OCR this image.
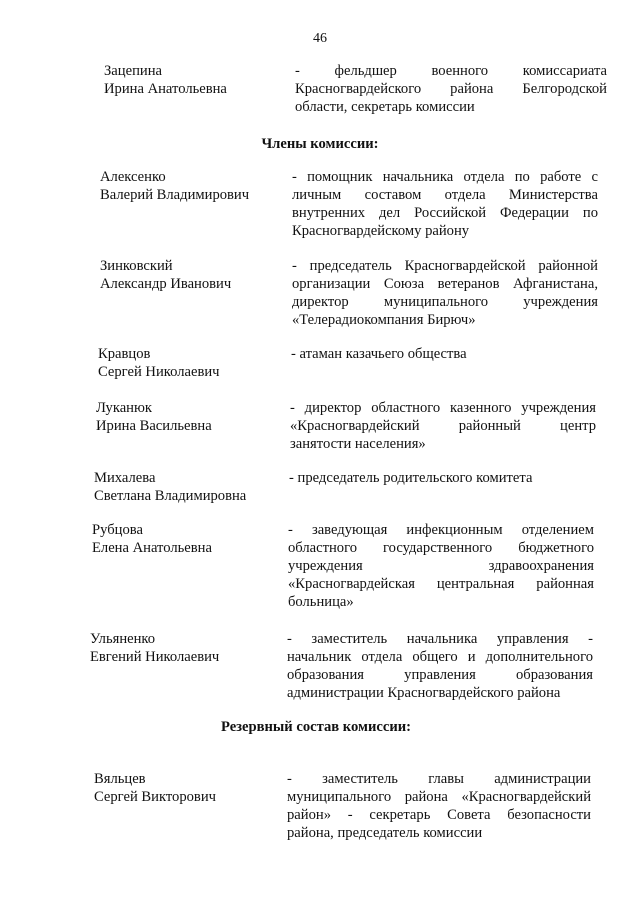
46
Зацепина
Ирина Анатольевна
- фельдшер военного комиссариата
Красногвардейского района Белгородской
области, секретарь комиссии
Члены комиссии:
Алексенко
Валерий Владимирович
- помощник начальника отдела по работе с
личным составом отдела Министерства
внутренних дел Российской Федерации по
Красногвардейскому району
Зинковский
Александр Иванович
- председатель Красногвардейской районной
организации Союза ветеранов Афганистана,
директор муниципального учреждения
«Телерадиокомпания Бирюч»
Кравцов
Сергей Николаевич
- атаман казачьего общества
Луканюк
Ирина Васильевна
- директор областного казенного учреждения
«Красногвардейский районный центр
занятости населения»
Михалева
Светлана Владимировна
- председатель родительского комитета
Рубцова
Елена Анатольевна
- заведующая инфекционным отделением
областного государственного бюджетного
учреждения здравоохранения
«Красногвардейская центральная районная
больница»
Ульяненко
Евгений Николаевич
- заместитель начальника управления -
начальник отдела общего и дополнительного
образования управления образования
администрации Красногвардейского района
Резервный состав комиссии:
Вяльцев
Сергей Викторович
- заместитель главы администрации
муниципального района «Красногвардейский
район» - секретарь Совета безопасности
района, председатель комиссии
